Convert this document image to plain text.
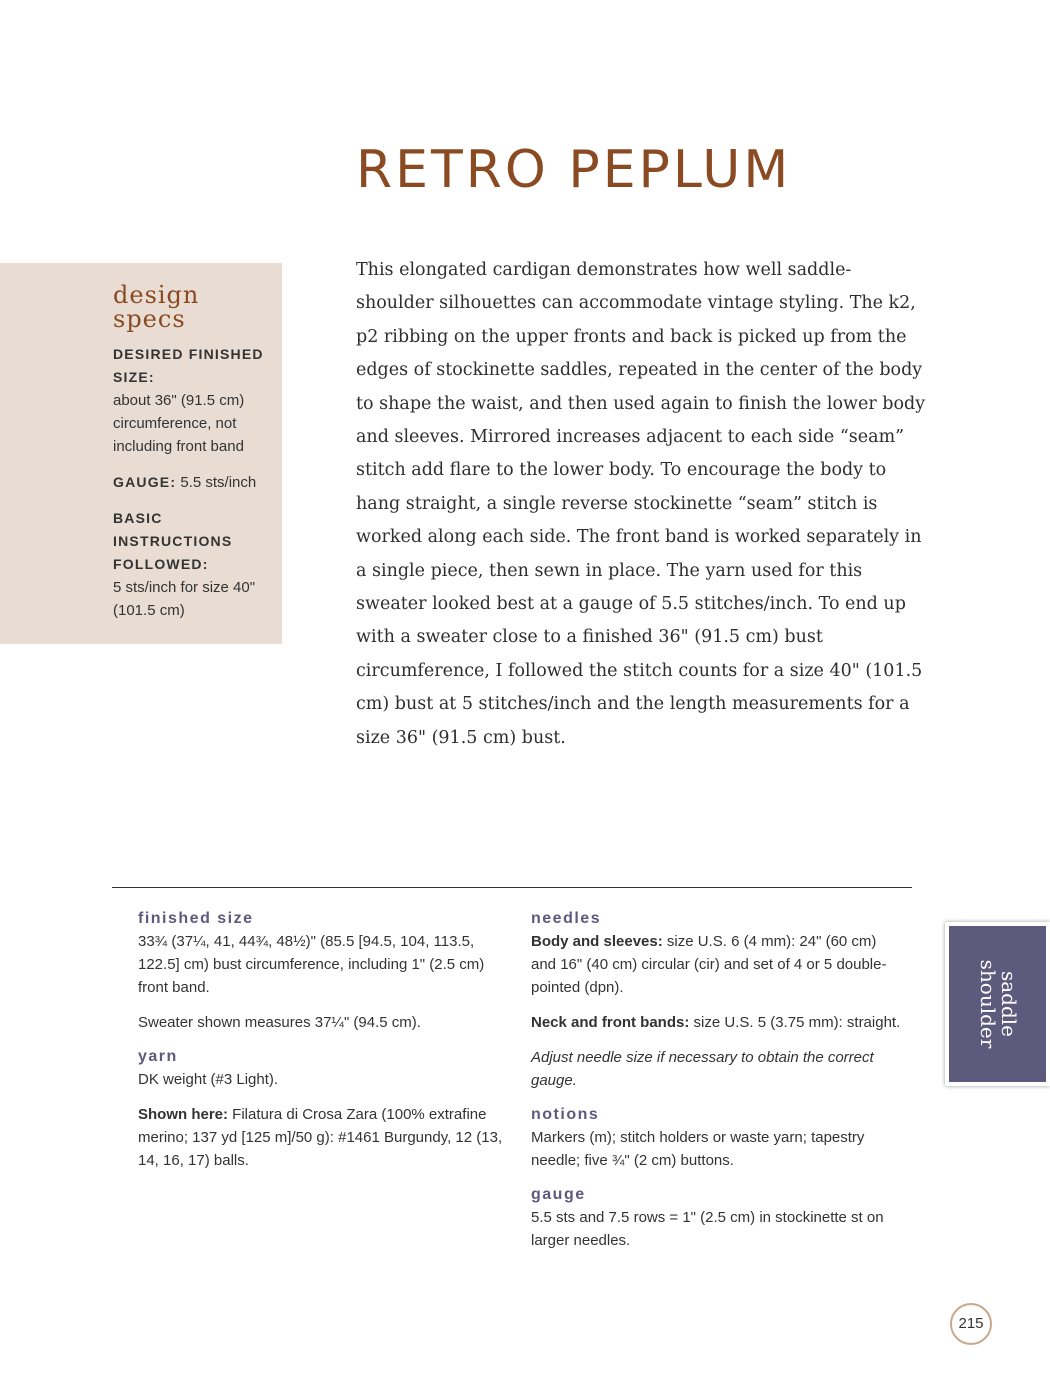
RETRO PEPLUM
design
specs
DESIRED FINISHED SIZE:
about 36" (91.5 cm) circumference, not including front band
GAUGE: 5.5 sts/inch
BASIC INSTRUCTIONS FOLLOWED:
5 sts/inch for size 40" (101.5 cm)

This elongated cardigan demonstrates how well saddle-shoulder silhouettes can accommodate vintage styling. The k2, p2 ribbing on the upper fronts and back is picked up from the edges of stockinette saddles, repeated in the center of the body to shape the waist, and then used again to finish the lower body and sleeves. Mirrored increases adjacent to each side “seam” stitch add flare to the lower body. To encourage the body to hang straight, a single reverse stockinette “seam” stitch is worked along each side. The front band is worked separately in a single piece, then sewn in place. The yarn used for this sweater looked best at a gauge of 5.5 stitches/inch. To end up with a sweater close to a finished 36" (91.5 cm) bust circumference, I followed the stitch counts for a size 40" (101.5 cm) bust at 5 stitches/inch and the length measurements for a size 36" (91.5 cm) bust.

finished size

33¾ (37¼, 41, 44¾, 48½)" (85.5 [94.5, 104, 113.5, 122.5] cm) bust circumference, including 1" (2.5 cm) front band.

Sweater shown measures 37¼" (94.5 cm).

yarn

DK weight (#3 Light).

Shown here: Filatura di Crosa Zara (100% extrafine merino; 137 yd [125 m]/50 g): #1461 Burgundy, 12 (13, 14, 16, 17) balls.

needles

Body and sleeves: size U.S. 6 (4 mm): 24" (60 cm) and 16" (40 cm) circular (cir) and set of 4 or 5 double-pointed (dpn).

Neck and front bands: size U.S. 5 (3.75 mm): straight.

Adjust needle size if necessary to obtain the correct gauge.

notions

Markers (m); stitch holders or waste yarn; tapestry needle; five ¾" (2 cm) buttons.

gauge

5.5 sts and 7.5 rows = 1" (2.5 cm) in stockinette st on larger needles.

saddle
shoulder
215
